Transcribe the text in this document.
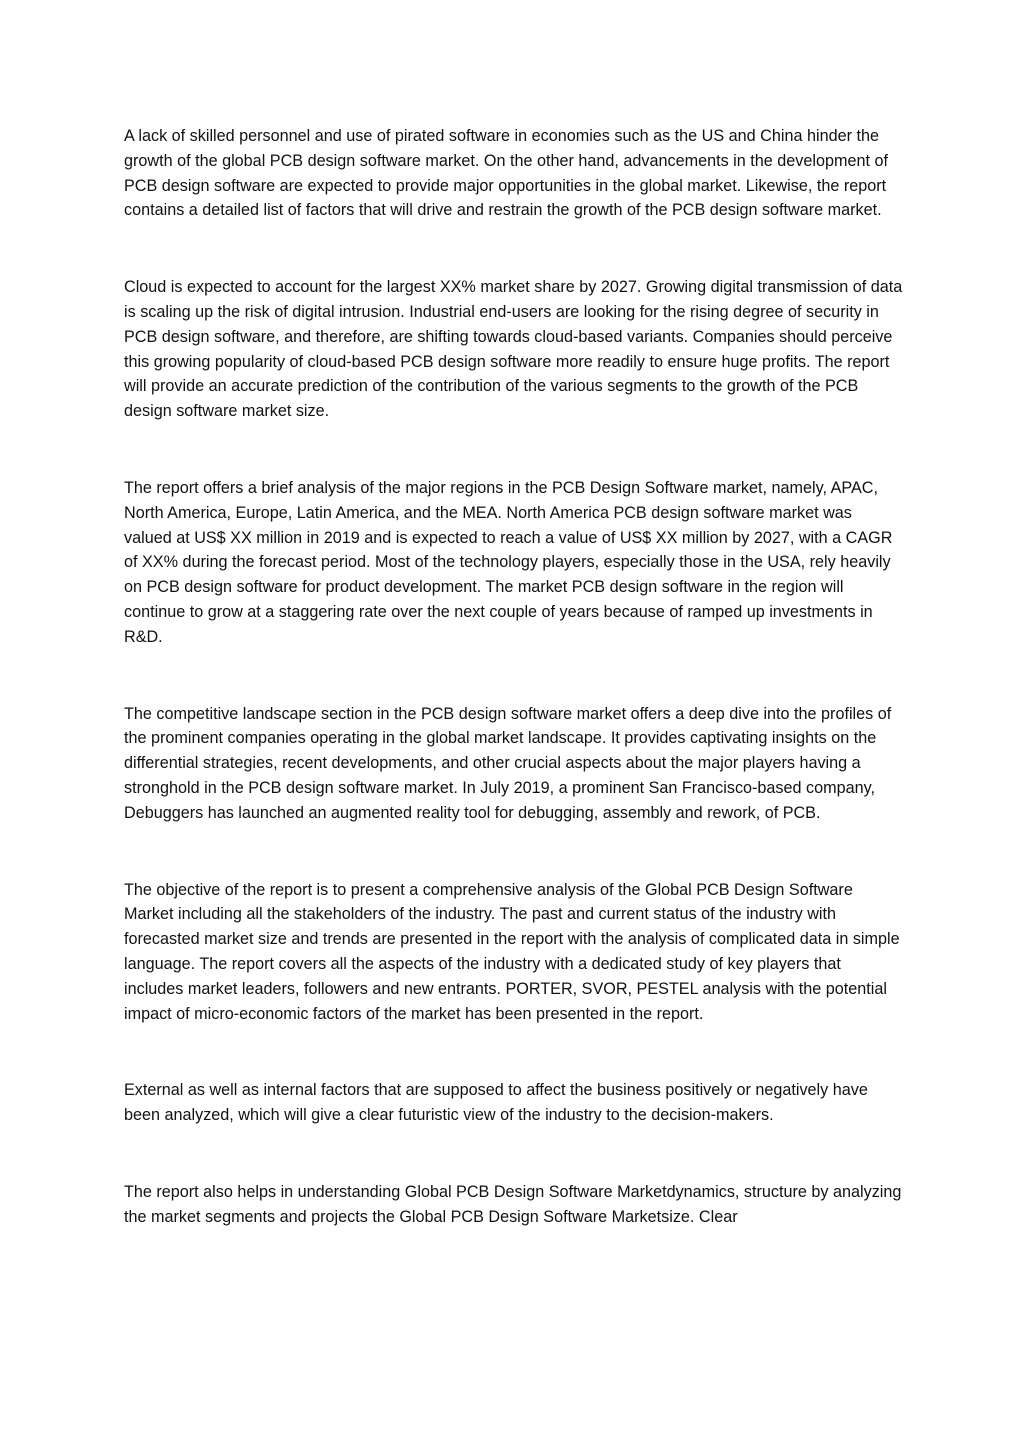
A lack of skilled personnel and use of pirated software in economies such as the US and China hinder the growth of the global PCB design software market. On the other hand, advancements in the development of PCB design software are expected to provide major opportunities in the global market. Likewise, the report contains a detailed list of factors that will drive and restrain the growth of the PCB design software market.

Cloud is expected to account for the largest XX% market share by 2027. Growing digital transmission of data is scaling up the risk of digital intrusion. Industrial end-users are looking for the rising degree of security in PCB design software, and therefore, are shifting towards cloud-based variants. Companies should perceive this growing popularity of cloud-based PCB design software more readily to ensure huge profits. The report will provide an accurate prediction of the contribution of the various segments to the growth of the PCB design software market size.

The report offers a brief analysis of the major regions in the PCB Design Software market, namely, APAC, North America, Europe, Latin America, and the MEA. North America PCB design software market was valued at US$ XX million in 2019 and is expected to reach a value of US$ XX million by 2027, with a CAGR of XX% during the forecast period. Most of the technology players, especially those in the USA, rely heavily on PCB design software for product development. The market PCB design software in the region will continue to grow at a staggering rate over the next couple of years because of ramped up investments in R&D.

The competitive landscape section in the PCB design software market offers a deep dive into the profiles of the prominent companies operating in the global market landscape. It provides captivating insights on the differential strategies, recent developments, and other crucial aspects about the major players having a stronghold in the PCB design software market. In July 2019, a prominent San Francisco-based company, Debuggers has launched an augmented reality tool for debugging, assembly and rework, of PCB.

The objective of the report is to present a comprehensive analysis of the Global PCB Design Software Market including all the stakeholders of the industry. The past and current status of the industry with forecasted market size and trends are presented in the report with the analysis of complicated data in simple language. The report covers all the aspects of the industry with a dedicated study of key players that includes market leaders, followers and new entrants. PORTER, SVOR, PESTEL analysis with the potential impact of micro-economic factors of the market has been presented in the report.

External as well as internal factors that are supposed to affect the business positively or negatively have been analyzed, which will give a clear futuristic view of the industry to the decision-makers.

The report also helps in understanding Global PCB Design Software Marketdynamics, structure by analyzing the market segments and projects the Global PCB Design Software Marketsize. Clear
